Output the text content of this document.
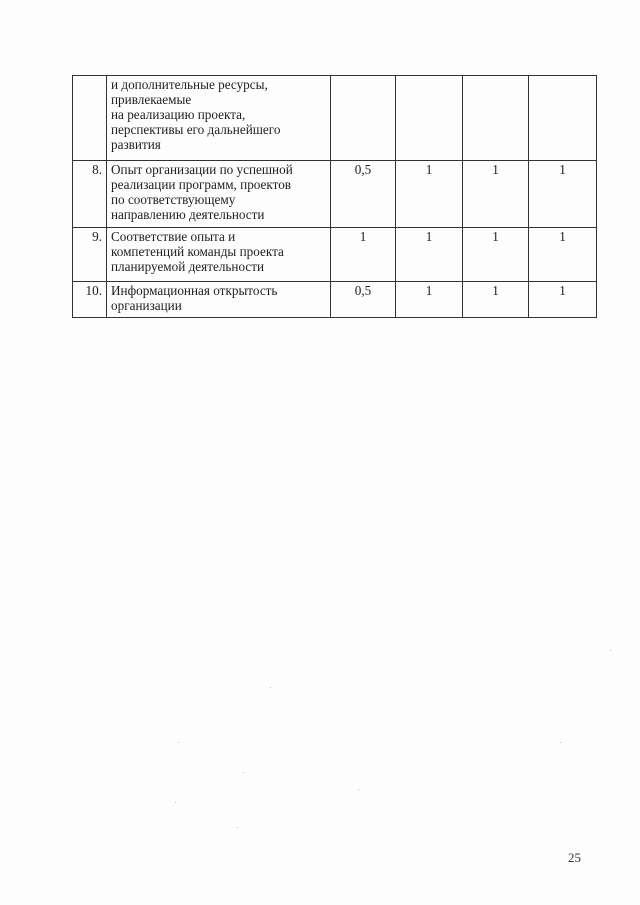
	и дополнительные ресурсы,
привлекаемые
на реализацию проекта,
перспективы его дальнейшего
развития				

8.	Опыт организации по успешной
реализации программ, проектов
по соответствующему
направлению деятельности	0,5	1	1	1
9.	Соответствие опыта и
компетенций команды проекта
планируемой деятельности	1	1	1	1
10.	Информационная открытость
организации	0,5	1	1	1
25
